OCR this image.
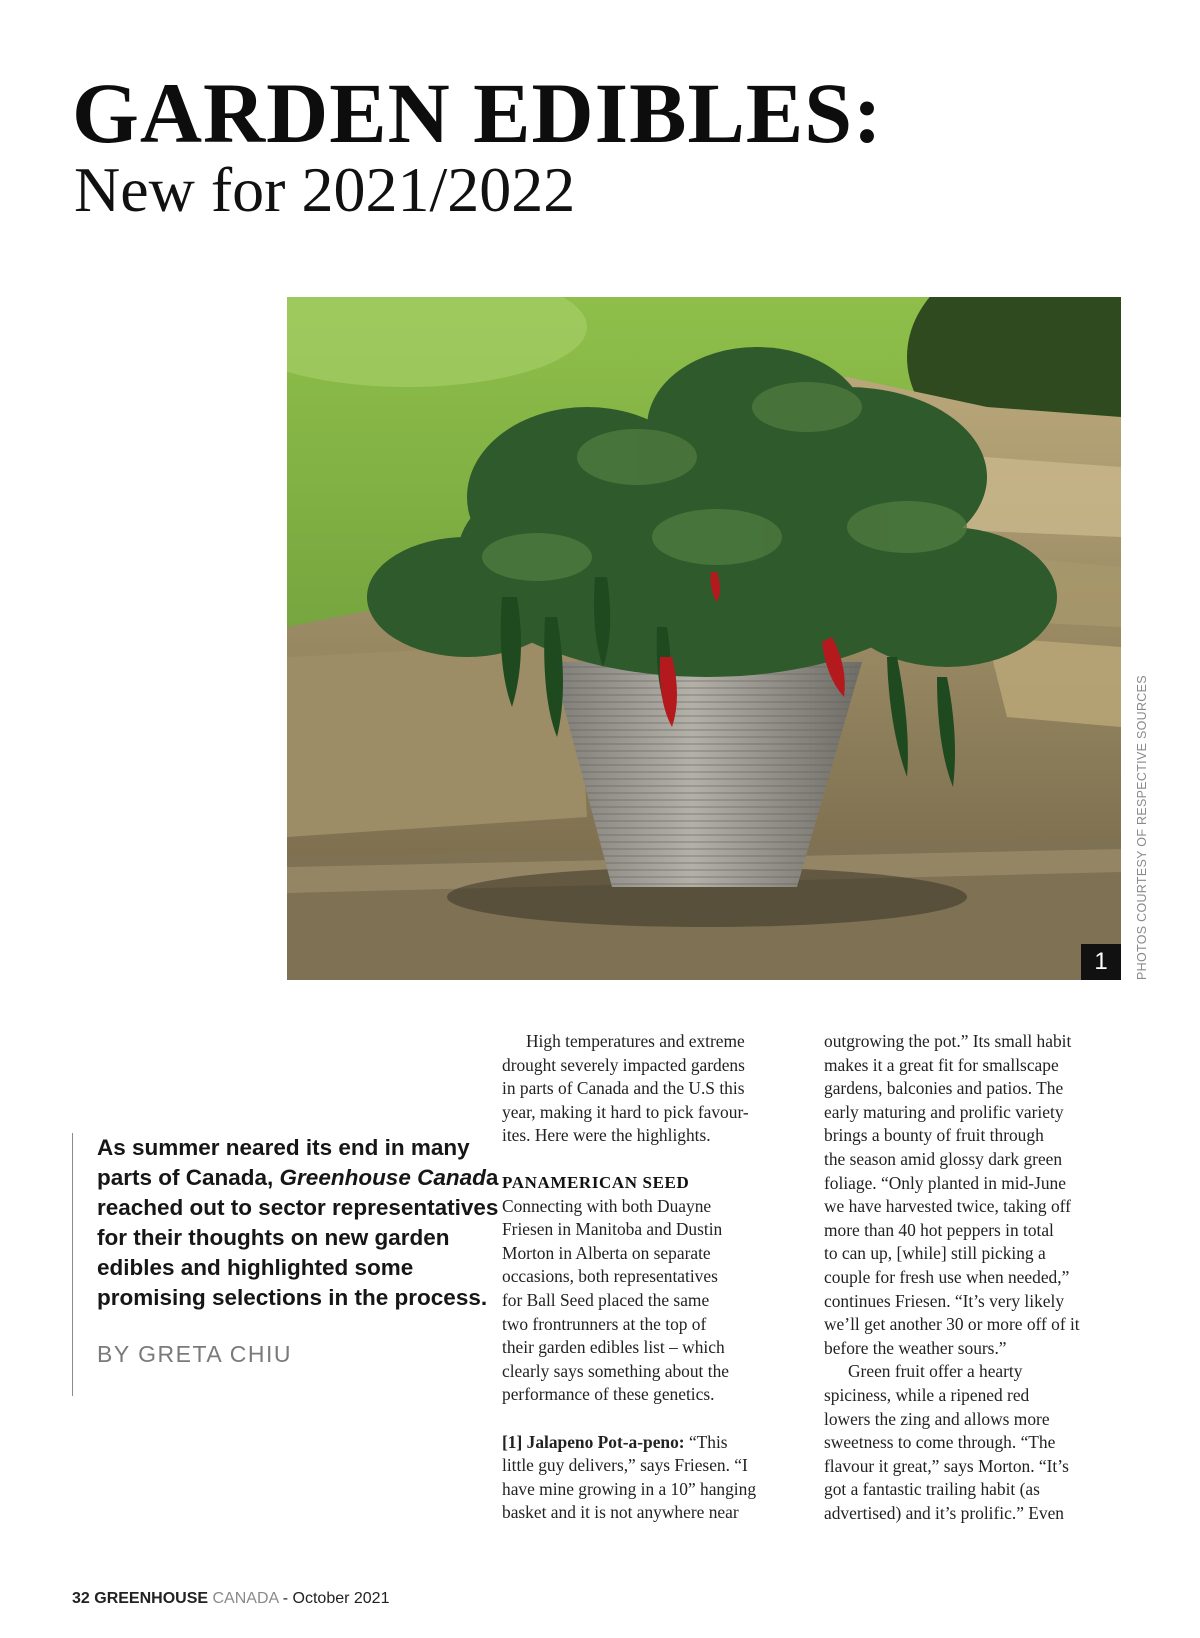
GARDEN EDIBLES:
New for 2021/2022
1	PHOTOS COURTESY OF RESPECTIVE SOURCES

As summer neared its end in many parts of Canada, Greenhouse Canada reached out to sector representatives for their thoughts on new garden edibles and highlighted some promising selections in the process.

BY GRETA CHIU

High temperatures and extreme
drought severely impacted gardens
in parts of Canada and the U.S this
year, making it hard to pick favour-
ites. Here were the highlights.

PANAMERICAN SEED

Connecting with both Duayne
Friesen in Manitoba and Dustin
Morton in Alberta on separate
occasions, both representatives
for Ball Seed placed the same
two frontrunners at the top of
their garden edibles list – which
clearly says something about the
performance of these genetics.

[1] Jalapeno Pot-a-peno: “This
little guy delivers,” says Friesen. “I
have mine growing in a 10” hanging
basket and it is not anywhere near

outgrowing the pot.” Its small habit
makes it a great fit for smallscape
gardens, balconies and patios. The
early maturing and prolific variety
brings a bounty of fruit through
the season amid glossy dark green
foliage. “Only planted in mid-June
we have harvested twice, taking off
more than 40 hot peppers in total
to can up, [while] still picking a
couple for fresh use when needed,”
continues Friesen. “It’s very likely
we’ll get another 30 or more off of it
before the weather sours.”

Green fruit offer a hearty
spiciness, while a ripened red
lowers the zing and allows more
sweetness to come through. “The
flavour it great,” says Morton. “It’s
got a fantastic trailing habit (as
advertised) and it’s prolific.” Even

32 GREENHOUSE CANADA - October 2021
